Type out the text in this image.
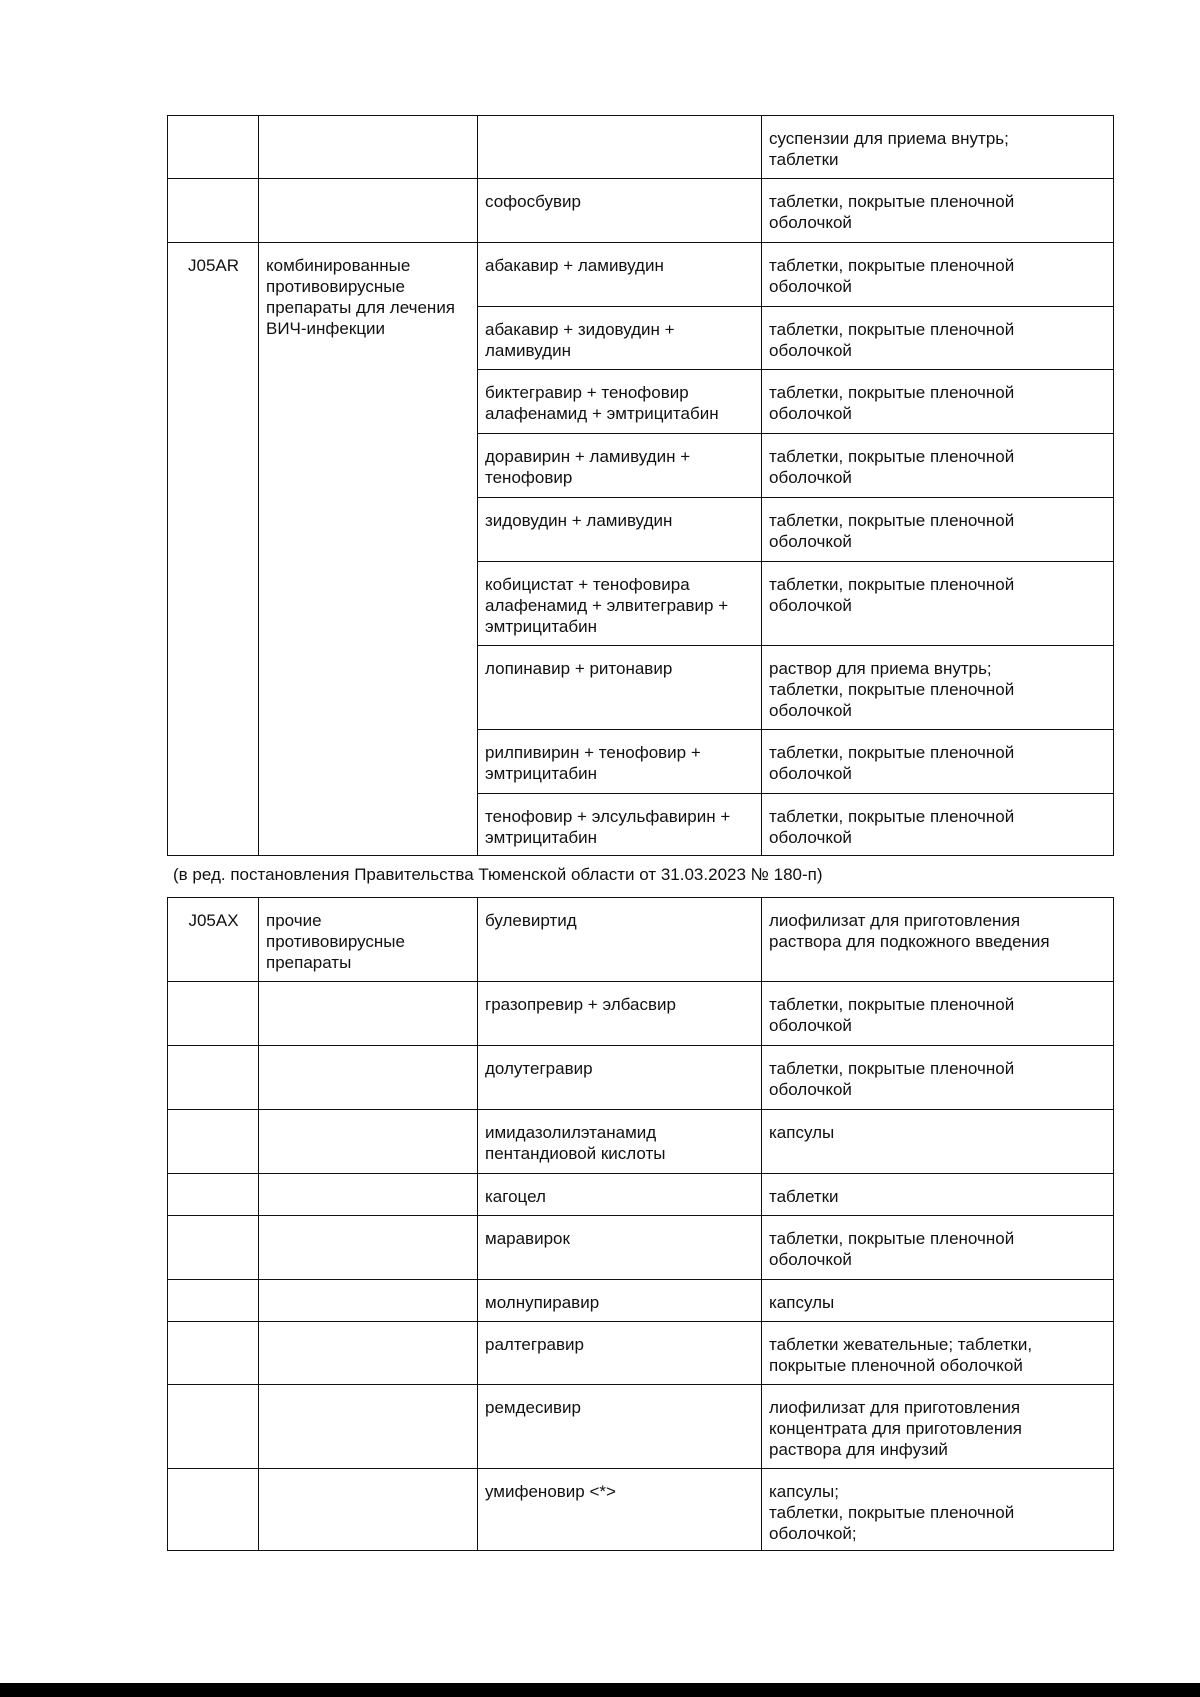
			суспензии для приема внутрь;
таблетки
		софосбувир	таблетки, покрытые пленочной
оболочкой
J05AR	комбинированные
противовирусные
препараты для лечения
ВИЧ-инфекции	абакавир + ламивудин	таблетки, покрытые пленочной
оболочкой
		абакавир + зидовудин +
ламивудин	таблетки, покрытые пленочной
оболочкой
		биктегравир + тенофовир
алафенамид + эмтрицитабин	таблетки, покрытые пленочной
оболочкой
		доравирин + ламивудин +
тенофовир	таблетки, покрытые пленочной
оболочкой
		зидовудин + ламивудин	таблетки, покрытые пленочной
оболочкой
		кобицистат + тенофовира
алафенамид + элвитегравир +
эмтрицитабин	таблетки, покрытые пленочной
оболочкой
		лопинавир + ритонавир	раствор для приема внутрь;
таблетки, покрытые пленочной
оболочкой
		рилпивирин + тенофовир +
эмтрицитабин	таблетки, покрытые пленочной
оболочкой
		тенофовир + элсульфавирин +
эмтрицитабин	таблетки, покрытые пленочной
оболочкой
(в ред. постановления Правительства Тюменской области от 31.03.2023 № 180-п)
J05AX	прочие
противовирусные
препараты	булевиртид	лиофилизат для приготовления
раствора для подкожного введения
		гразопревир + элбасвир	таблетки, покрытые пленочной
оболочкой
		долутегравир	таблетки, покрытые пленочной
оболочкой
		имидазолилэтанамид
пентандиовой кислоты	капсулы
		кагоцел	таблетки
		маравирок	таблетки, покрытые пленочной
оболочкой
		молнупиравир	капсулы
		ралтегравир	таблетки жевательные; таблетки,
покрытые пленочной оболочкой
		ремдесивир	лиофилизат для приготовления
концентрата для приготовления
раствора для инфузий
		умифеновир <*>	капсулы;
таблетки, покрытые пленочной
оболочкой;
